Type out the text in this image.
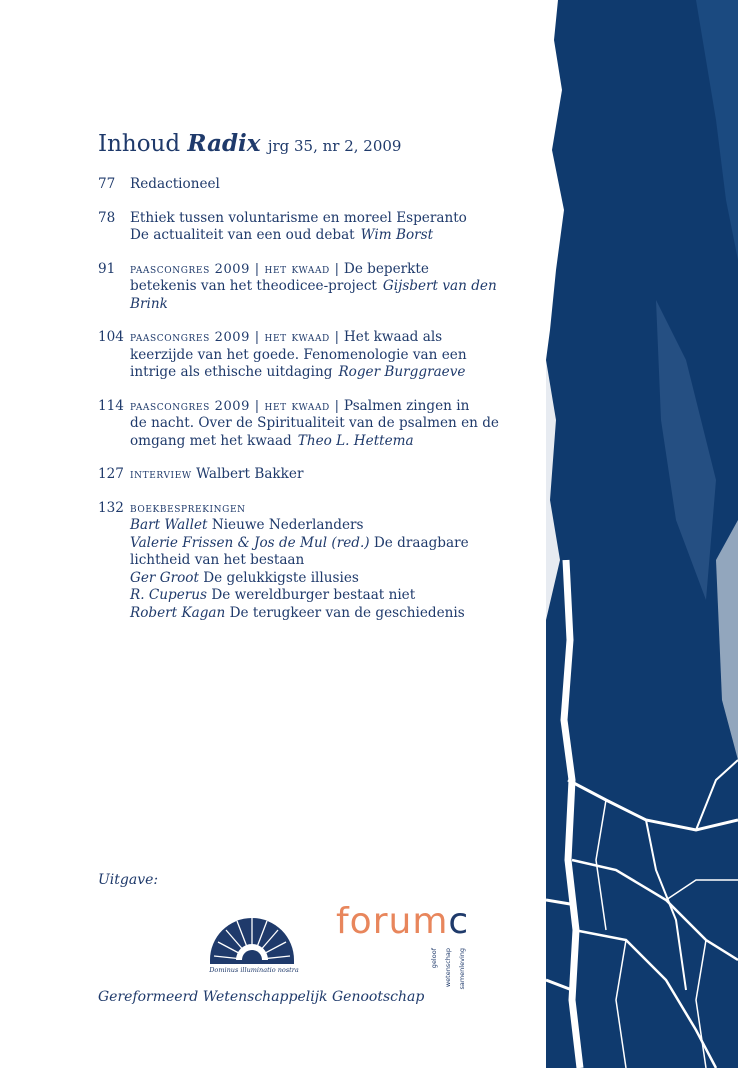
Inhoud Radix jrg 35, nr 2, 2009
77	Redactioneel
78	Ethiek tussen voluntarisme en moreel Esperanto
De actualiteit van een oud debat Wim Borst
91	paascongres 2009 | het kwaad | De beperkte
betekenis van het theodicee-project Gijsbert van den Brink
104 paascongres 2009 | het kwaad | Het kwaad als
keerzijde van het goede. Fenomenologie van een
intrige als ethische uitdaging Roger Burggraeve
114 paascongres 2009 | het kwaad | Psalmen zingen in
de nacht. Over de Spiritualiteit van de psalmen en de
omgang met het kwaad Theo L. Hettema
127 interview Walbert Bakker
132 boekbesprekingen
Bart Wallet Nieuwe Nederlanders
Valerie Frissen & Jos de Mul (red.) De draagbare lichtheid van het bestaan
Ger Groot De gelukkigste illusies
R. Cuperus De wereldburger bestaat niet
Robert Kagan De terugkeer van de geschiedenis
Uitgave:
Dominus illuminatio nostra
Gereformeerd Wetenschappelijk Genootschap
forumc
geloof wetenschap samenleving
